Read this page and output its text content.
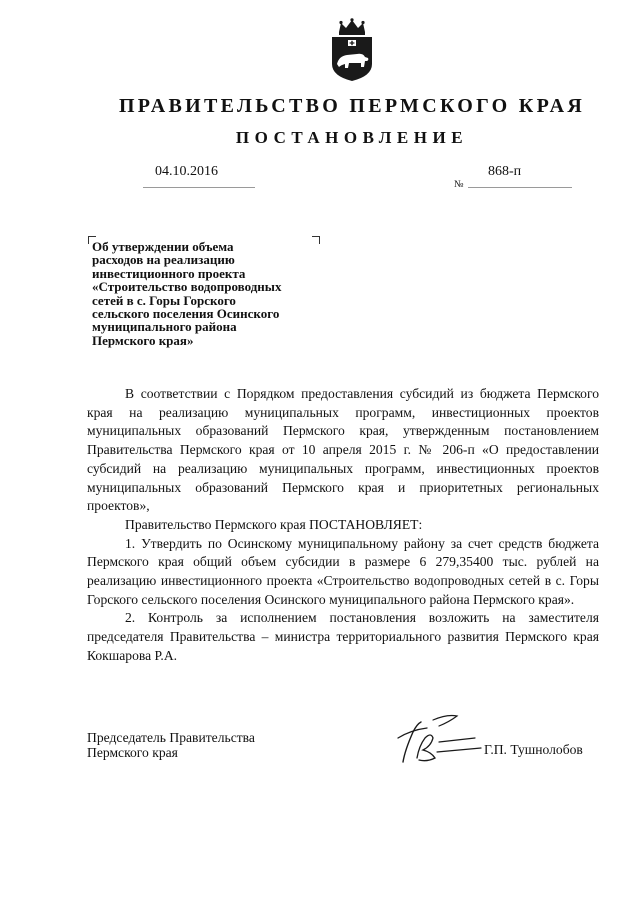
ПРАВИТЕЛЬСТВО ПЕРМСКОГО КРАЯ
ПОСТАНОВЛЕНИЕ
04.10.2016	868-п
№
Об утверждении объема
расходов на реализацию
инвестиционного проекта
«Строительство водопроводных
сетей в с. Горы Горского
сельского поселения Осинского
муниципального района
Пермского края»

В соответствии с Порядком предоставления субсидий из бюджета Пермского края на реализацию муниципальных программ, инвестиционных проектов муниципальных образований Пермского края, утвержденным постановлением Правительства Пермского края от 10 апреля 2015 г. № 206-п «О предоставлении субсидий на реализацию муниципальных программ, инвестиционных проектов муниципальных образований Пермского края и приоритетных региональных проектов»,

Правительство Пермского края ПОСТАНОВЛЯЕТ:

1. Утвердить по Осинскому муниципальному району за счет средств бюджета Пермского края общий объем субсидии в размере 6 279,35400 тыс. рублей на реализацию инвестиционного проекта «Строительство водопроводных сетей в с. Горы Горского сельского поселения Осинского муниципального района Пермского края».

2. Контроль за исполнением постановления возложить на заместителя председателя Правительства – министра территориального развития Пермского края Кокшарова Р.А.

Председатель Правительства
Пермского края	Г.П. Тушнолобов
